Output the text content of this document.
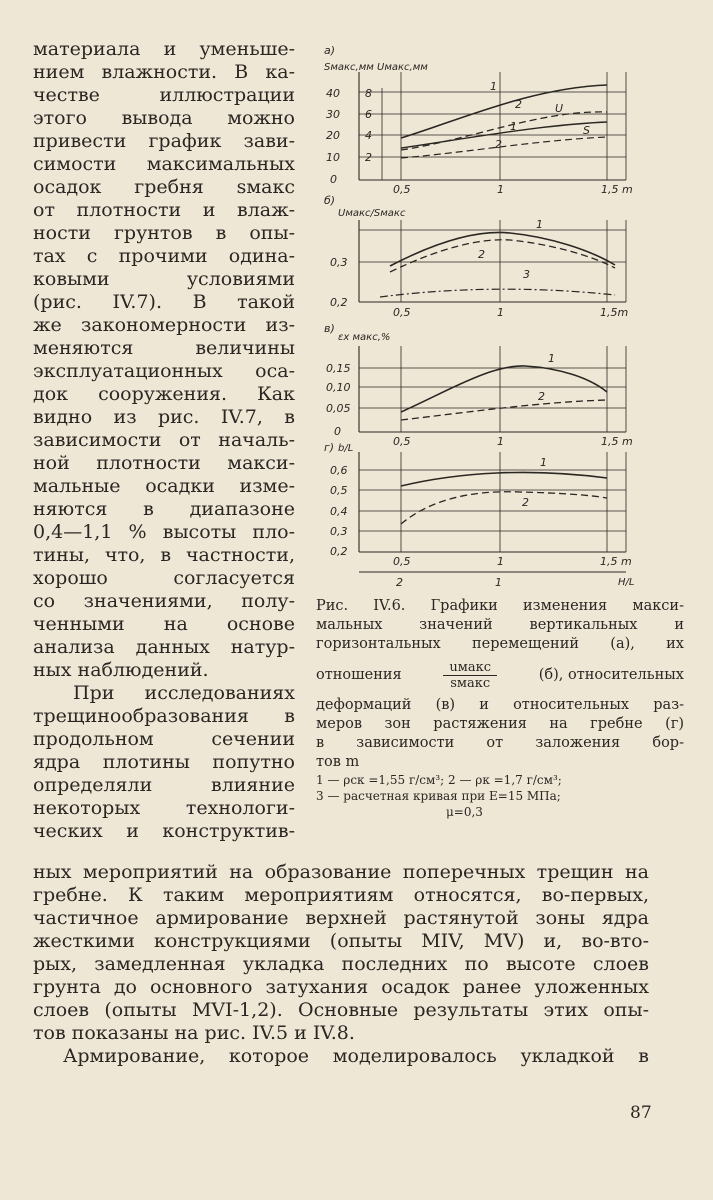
материала и уменьше-
нием влажности. В ка-
честве иллюстрации
этого вывода можно
привести график зави-
симости максимальных
осадок гребня sмакс
от плотности и влаж-
ности грунтов в опы-
тах с прочими одина-
ковыми условиями
(рис. IV.7). В такой
же закономерности из-
меняются величины
эксплуатационных оса-
док сооружения. Как
видно из рис. IV.7, в
зависимости от началь-
ной плотности макси-
мальные осадки изме-
няются в диапазоне
0,4—1,1 % высоты пло-
тины, что, в частности,
хорошо согласуется
со значениями, полу-
ченными на основе
анализа данных натур-
ных наблюдений.
При исследованиях
трещинообразования в
продольном сечении
ядра плотины попутно
определяли влияние
некоторых технологи-
ческих и конструктив-
а)
Sмакс,мм Uмакс,мм
40
30
20
10
0
8
6
4
2
0,5	1	1,5 m
1
2	U
1
2
S
б)
Uмакс/Sмакс
0,3
0,2
0,5	1	1,5m
1
2
3
в)
εх макс,%
0,15
0,10
0,05
0
0,5	1	1,5 m
1
2
г) b/L
0,6
0,5
0,4
0,3
0,2
0,5	1	1,5 m
2	1	H/L
1
2
Рис. IV.6. Графики изменения макси-
мальных значений вертикальных и
горизонтальных перемещений (а), их
отношения	$\frac{\text{uмакс}}{\text{sмакс}}$	(б), относительных
деформаций (в) и относительных раз-
меров зон растяжения на гребне (г)
в зависимости от заложения бор-
тов m
1 — ρск =1,55 г/см³; 2 — ρк =1,7 г/см³;
3 — расчетная кривая при E=15 МПа;
μ=0,3
ных мероприятий на образование поперечных трещин на
гребне. К таким мероприятиям относятся, во-первых,
частичное армирование верхней растянутой зоны ядра
жесткими конструкциями (опыты MIV, MV) и, во-вто-
рых, замедленная укладка последних по высоте слоев
грунта до основного затухания осадок ранее уложенных
слоев (опыты MVI-1,2). Основные результаты этих опы-
тов показаны на рис. IV.5 и IV.8.
Армирование, которое моделировалось укладкой в
87
